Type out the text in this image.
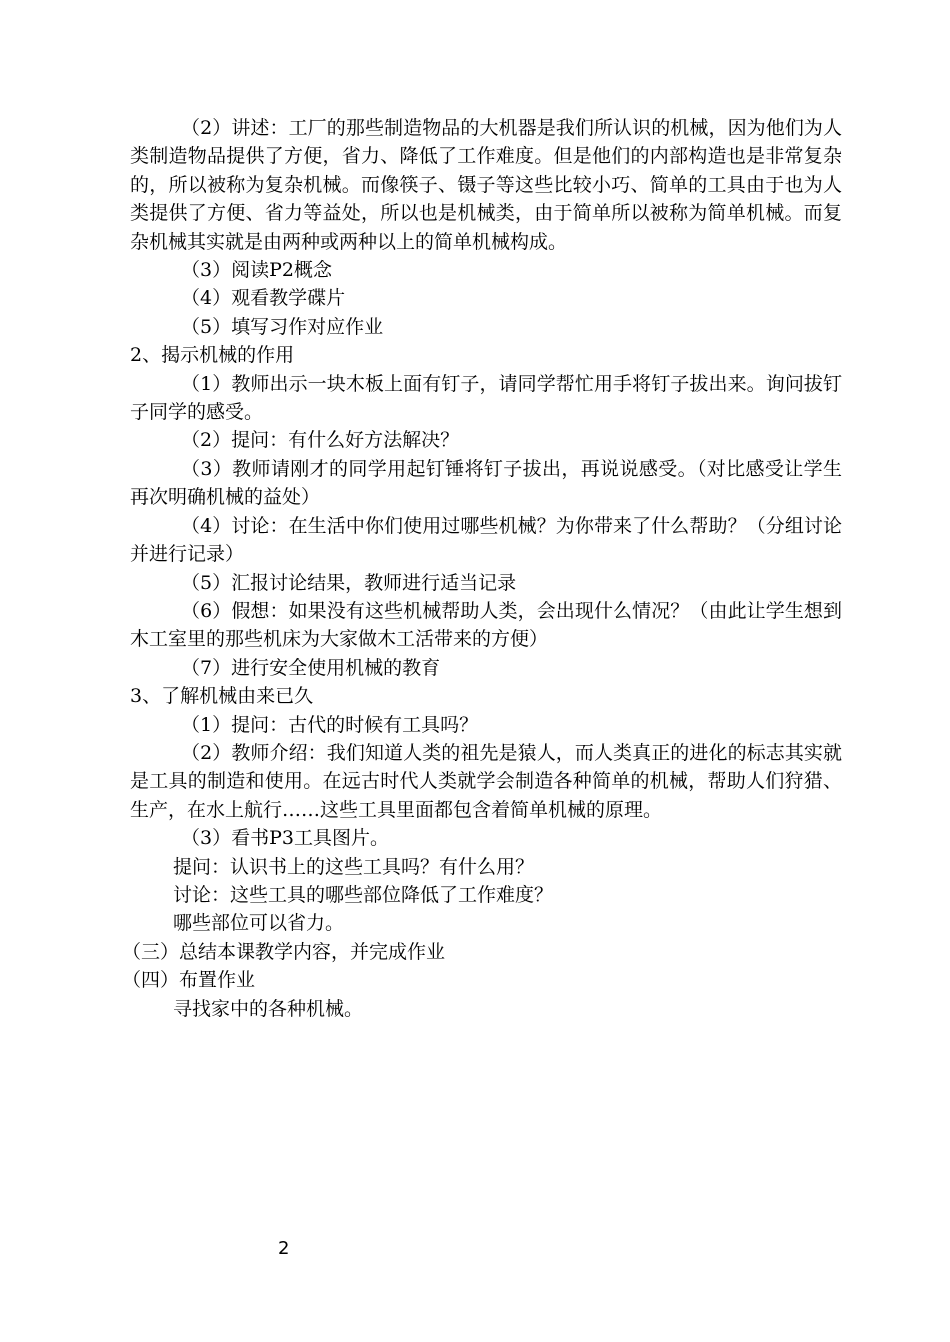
（2）讲述：工厂的那些制造物品的大机器是我们所认识的机械，因为他们为人类制造物品提供了方便，省力、降低了工作难度。但是他们的内部构造也是非常复杂的，所以被称为复杂机械。而像筷子、镊子等这些比较小巧、简单的工具由于也为人类提供了方便、省力等益处，所以也是机械类，由于简单所以被称为简单机械。而复杂机械其实就是由两种或两种以上的简单机械构成。

（3）阅读P2概念

（4）观看教学碟片

（5）填写习作对应作业

2、揭示机械的作用

（1）教师出示一块木板上面有钉子，请同学帮忙用手将钉子拔出来。询问拔钉子同学的感受。

（2）提问：有什么好方法解决？

（3）教师请刚才的同学用起钉锤将钉子拔出，再说说感受。（对比感受让学生再次明确机械的益处）

（4）讨论：在生活中你们使用过哪些机械？为你带来了什么帮助？（分组讨论并进行记录）

（5）汇报讨论结果，教师进行适当记录

（6）假想：如果没有这些机械帮助人类，会出现什么情况？（由此让学生想到木工室里的那些机床为大家做木工活带来的方便）

（7）进行安全使用机械的教育

3、了解机械由来已久

（1）提问：古代的时候有工具吗？

（2）教师介绍：我们知道人类的祖先是猿人，而人类真正的进化的标志其实就是工具的制造和使用。在远古时代人类就学会制造各种简单的机械，帮助人们狩猎、生产，在水上航行……这些工具里面都包含着简单机械的原理。

（3）看书P3工具图片。

提问：认识书上的这些工具吗？有什么用？

讨论：这些工具的哪些部位降低了工作难度？

哪些部位可以省力。

（三）总结本课教学内容，并完成作业

（四）布置作业

寻找家中的各种机械。

2
